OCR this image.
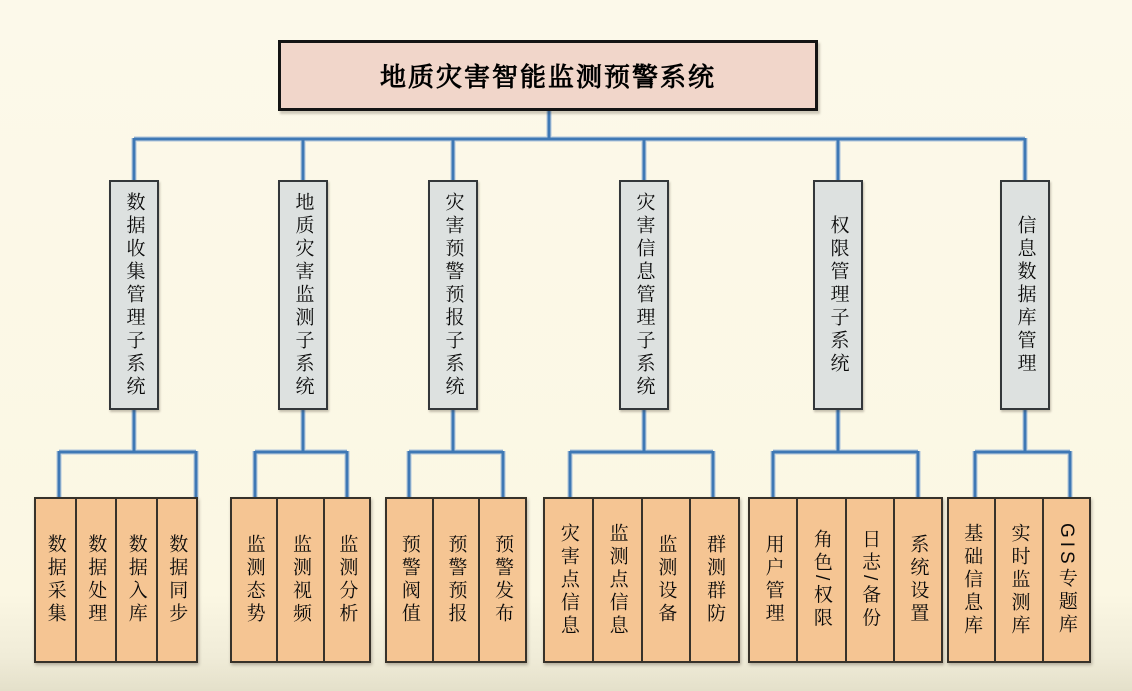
地质灾害智能监测预警系统
数据收集管理子系统	地质灾害监测子系统	灾害预警预报子系统	灾害信息管理子系统	权限管理子系统	信息数据库管理
数据采集 数据处理 数据入库 数据同步	监测态势 监测视频 监测分析 预警阀值 预警预报 预警发布 灾害点信息 监测点信息 监测设备 群测群防 用户管理 角色/权限 日志/备份 系统设置 基础信息库 实时监测库 GIS专题库
